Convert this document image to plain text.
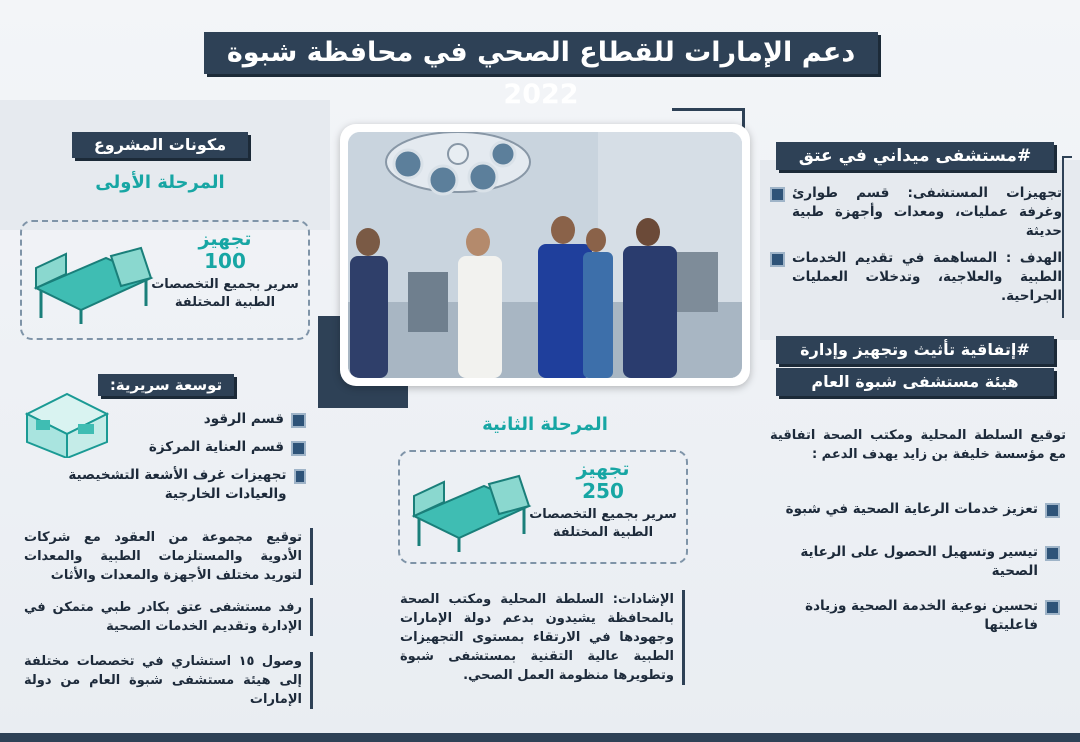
دعم الإمارات للقطاع الصحي في محافظة شبوة 2022
مكونات المشروع
المرحلة الأولى
تجهيز
100
سرير بجميع التخصصات الطبية المختلفة
توسعة سريرية:
قسم الرقود
قسم العناية المركزة
تجهيزات غرف الأشعة التشخيصية والعيادات الخارجية
توقيع مجموعة من العقود مع شركات الأدوية والمستلزمات الطبية والمعدات لتوريد مختلف الأجهزة والمعدات والأثاث
رفد مستشفى عتق بكادر طبي متمكن في الإدارة وتقديم الخدمات الصحية
وصول ١٥ استشاري في تخصصات مختلفة إلى هيئة مستشفى شبوة العام من دولة الإمارات
المرحلة الثانية
تجهيز
250
سرير بجميع التخصصات الطبية المختلفة
الإشادات: السلطة المحلية ومكتب الصحة بالمحافظة يشيدون بدعم دولة الإمارات وجهودها في الارتقاء بمستوى التجهيزات الطبية عالية التقنية بمستشفى شبوة وتطويرها منظومة العمل الصحي.
#مستشفى ميداني في عتق
تجهيزات المستشفى: قسم طوارئ وغرفة عمليات، ومعدات وأجهزة طبية حديثة
الهدف : المساهمة في تقديم الخدمات الطبية والعلاجية، وتدخلات العمليات الجراحية.
#إتفاقية تأثيث وتجهيز وإدارة
هيئة مستشفى شبوة العام
توقيع السلطة المحلية ومكتب الصحة اتفاقية مع مؤسسة خليفة بن زايد يهدف الدعم :
تعزيز خدمات الرعاية الصحية في شبوة
تيسير وتسهيل الحصول على الرعاية الصحية
تحسين نوعية الخدمة الصحية وزيادة فاعليتها
